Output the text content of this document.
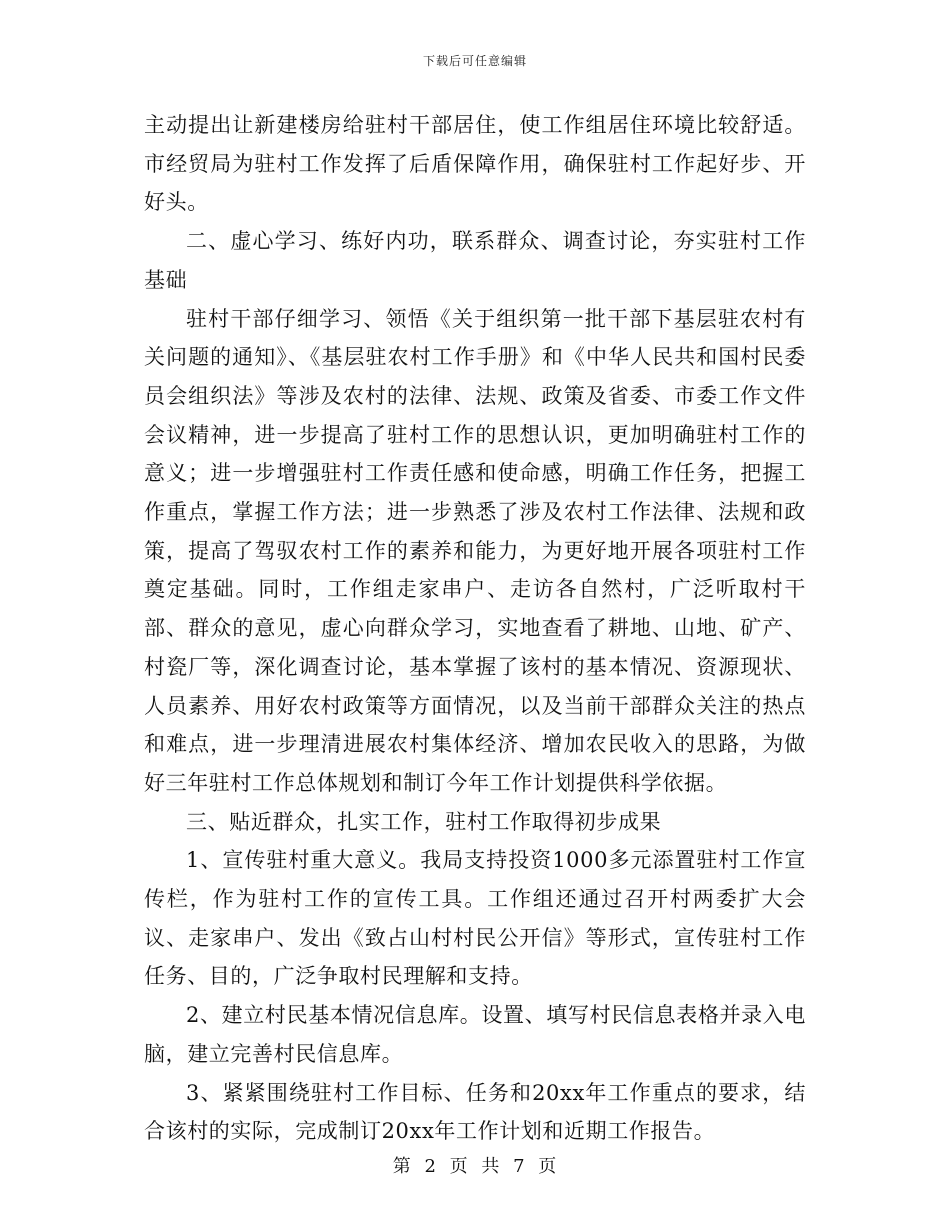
下载后可任意编辑

主动提出让新建楼房给驻村干部居住，使工作组居住环境比较舒适。市经贸局为驻村工作发挥了后盾保障作用，确保驻村工作起好步、开好头。

二、虚心学习、练好内功，联系群众、调查讨论，夯实驻村工作基础

驻村干部仔细学习、领悟《关于组织第一批干部下基层驻农村有关问题的通知》、《基层驻农村工作手册》和《中华人民共和国村民委员会组织法》等涉及农村的法律、法规、政策及省委、市委工作文件会议精神，进一步提高了驻村工作的思想认识，更加明确驻村工作的意义；进一步增强驻村工作责任感和使命感，明确工作任务，把握工作重点，掌握工作方法；进一步熟悉了涉及农村工作法律、法规和政策，提高了驾驭农村工作的素养和能力，为更好地开展各项驻村工作奠定基础。同时，工作组走家串户、走访各自然村，广泛听取村干部、群众的意见，虚心向群众学习，实地查看了耕地、山地、矿产、村瓷厂等，深化调查讨论，基本掌握了该村的基本情况、资源现状、人员素养、用好农村政策等方面情况，以及当前干部群众关注的热点和难点，进一步理清进展农村集体经济、增加农民收入的思路，为做好三年驻村工作总体规划和制订今年工作计划提供科学依据。

三、贴近群众，扎实工作，驻村工作取得初步成果

1、宣传驻村重大意义。我局支持投资1000多元添置驻村工作宣传栏，作为驻村工作的宣传工具。工作组还通过召开村两委扩大会议、走家串户、发出《致占山村村民公开信》等形式，宣传驻村工作任务、目的，广泛争取村民理解和支持。

2、建立村民基本情况信息库。设置、填写村民信息表格并录入电脑，建立完善村民信息库。

3、紧紧围绕驻村工作目标、任务和20xx年工作重点的要求，结合该村的实际，完成制订20xx年工作计划和近期工作报告。

第 2 页 共 7 页
